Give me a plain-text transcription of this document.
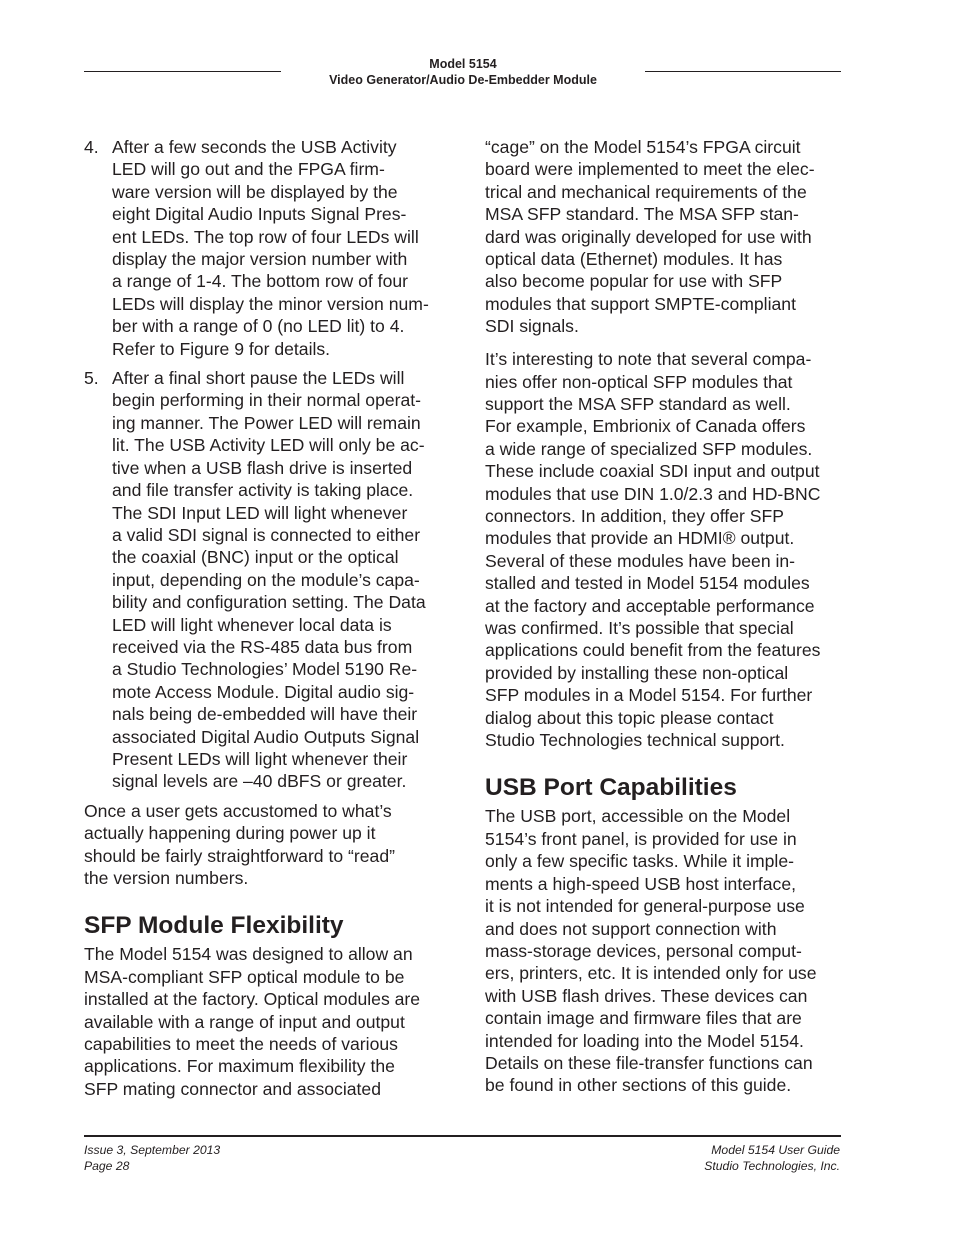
Model 5154
Video Generator/Audio De-Embedder Module
4. After a few seconds the USB Activity
LED will go out and the FPGA firm-
ware version will be displayed by the
eight Digital Audio Inputs Signal Pres-
ent LEDs. The top row of four LEDs will
display the major version number with
a range of 1-4. The bottom row of four
LEDs will display the minor version num-
ber with a range of 0 (no LED lit) to 4.
Refer to Figure 9 for details.
5. After a final short pause the LEDs will
begin performing in their normal operat-
ing manner. The Power LED will remain
lit. The USB Activity LED will only be ac-
tive when a USB flash drive is inserted
and file transfer activity is taking place.
The SDI Input LED will light whenever
a valid SDI signal is connected to either
the coaxial (BNC) input or the optical
input, depending on the module’s capa-
bility and configuration setting. The Data
LED will light whenever local data is
received via the RS-485 data bus from
a Studio Technologies’ Model 5190 Re-
mote Access Module. Digital audio sig-
nals being de-embedded will have their
associated Digital Audio Outputs Signal
Present LEDs will light whenever their
signal levels are –40 dBFS or greater.

Once a user gets accustomed to what’s
actually happening during power up it
should be fairly straightforward to “read”
the version numbers.

SFP Module Flexibility

The Model 5154 was designed to allow an
MSA-compliant SFP optical module to be
installed at the factory. Optical modules are
available with a range of input and output
capabilities to meet the needs of various
applications. For maximum flexibility the
SFP mating connector and associated

“cage” on the Model 5154’s FPGA circuit
board were implemented to meet the elec-
trical and mechanical requirements of the
MSA SFP standard. The MSA SFP stan-
dard was originally developed for use with
optical data (Ethernet) modules. It has
also become popular for use with SFP
modules that support SMPTE-compliant
SDI signals.

It’s interesting to note that several compa-
nies offer non-optical SFP modules that
support the MSA SFP standard as well.
For example, Embrionix of Canada offers
a wide range of specialized SFP modules.
These include coaxial SDI input and output
modules that use DIN 1.0/2.3 and HD-BNC
connectors. In addition, they offer SFP
modules that provide an HDMI® output.
Several of these modules have been in-
stalled and tested in Model 5154 modules
at the factory and acceptable performance
was confirmed. It’s possible that special
applications could benefit from the features
provided by installing these non-optical
SFP modules in a Model 5154. For further
dialog about this topic please contact
Studio Technologies technical support.

USB Port Capabilities

The USB port, accessible on the Model
5154’s front panel, is provided for use in
only a few specific tasks. While it imple-
ments a high-speed USB host interface,
it is not intended for general-purpose use
and does not support connection with
mass-storage devices, personal comput-
ers, printers, etc. It is intended only for use
with USB flash drives. These devices can
contain image and firmware files that are
intended for loading into the Model 5154.
Details on these file-transfer functions can
be found in other sections of this guide.

Issue 3, September 2013
Page 28
Model 5154 User Guide
Studio Technologies, Inc.
